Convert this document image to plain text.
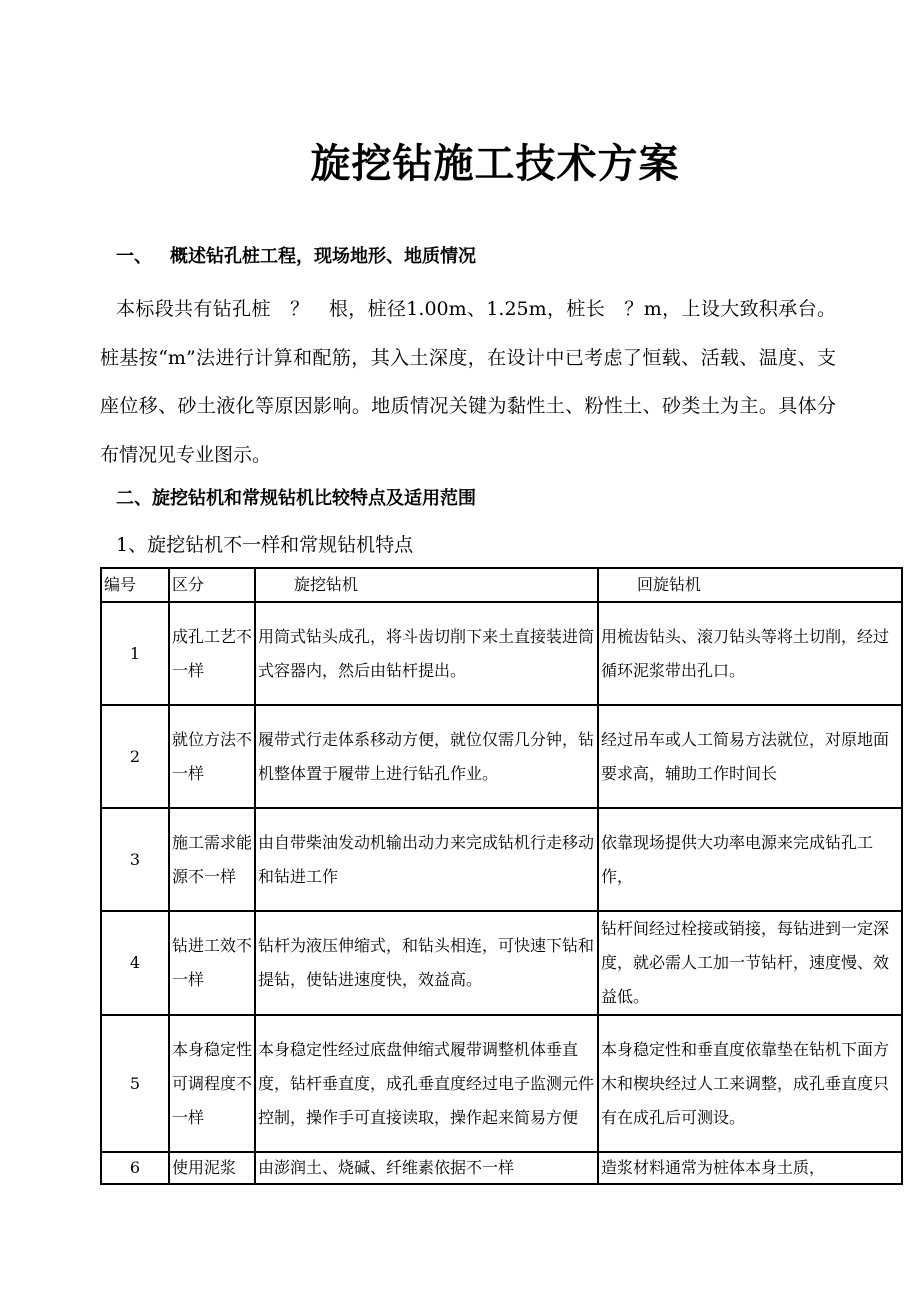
旋挖钻施工技术方案
一、 概述钻孔桩工程，现场地形、地质情况
本标段共有钻孔桩　？　根，桩径1.00m、1.25m，桩长　？m，上设大致积承台。桩基按“m”法进行计算和配筋，其入土深度，在设计中已考虑了恒载、活载、温度、支座位移、砂土液化等原因影响。地质情况关键为黏性土、粉性土、砂类土为主。具体分布情况见专业图示。
二、旋挖钻机和常规钻机比较特点及适用范围
1、旋挖钻机不一样和常规钻机特点
编号	区分	旋挖钻机	回旋钻机
1	成孔工艺不一样	用筒式钻头成孔，将斗齿切削下来土直接装进筒式容器内，然后由钻杆提出。	用梳齿钻头、滚刀钻头等将土切削，经过循环泥浆带出孔口。
2	就位方法不一样	履带式行走体系移动方便，就位仅需几分钟，钻机整体置于履带上进行钻孔作业。	经过吊车或人工简易方法就位，对原地面要求高，辅助工作时间长
3	施工需求能源不一样	由自带柴油发动机输出动力来完成钻机行走移动和钻进工作	依靠现场提供大功率电源来完成钻孔工作，
4	钻进工效不一样	钻杆为液压伸缩式，和钻头相连，可快速下钻和提钻，使钻进速度快，效益高。	钻杆间经过栓接或销接，每钻进到一定深度，就必需人工加一节钻杆，速度慢、效益低。
5	本身稳定性可调程度不一样	本身稳定性经过底盘伸缩式履带调整机体垂直度，钻杆垂直度，成孔垂直度经过电子监测元件控制，操作手可直接读取，操作起来简易方便	本身稳定性和垂直度依靠垫在钻机下面方木和楔块经过人工来调整，成孔垂直度只有在成孔后可测设。
6	使用泥浆	由澎润土、烧碱、纤维素依据不一样	造浆材料通常为桩体本身土质，
